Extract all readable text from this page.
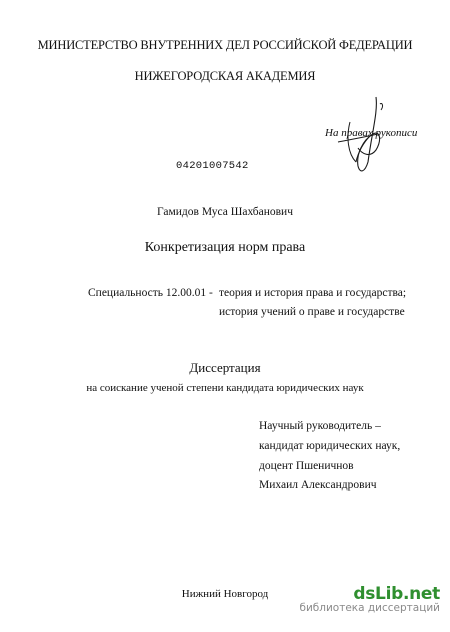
МИНИСТЕРСТВО ВНУТРЕННИХ ДЕЛ РОССИЙСКОЙ ФЕДЕРАЦИИ
НИЖЕГОРОДСКАЯ АКАДЕМИЯ
На правах рукописи
04201007542
Гамидов Муса Шахбанович
Конкретизация норм права
Специальность 12.00.01 - теория и история права и государства;
история учений о праве и государстве
Диссертация
на соискание ученой степени кандидата юридических наук
Научный руководитель –
кандидат юридических наук,
доцент Пшеничнов
Михаил Александрович
Нижний Новгород	dsLib.net
библиотека диссертаций
